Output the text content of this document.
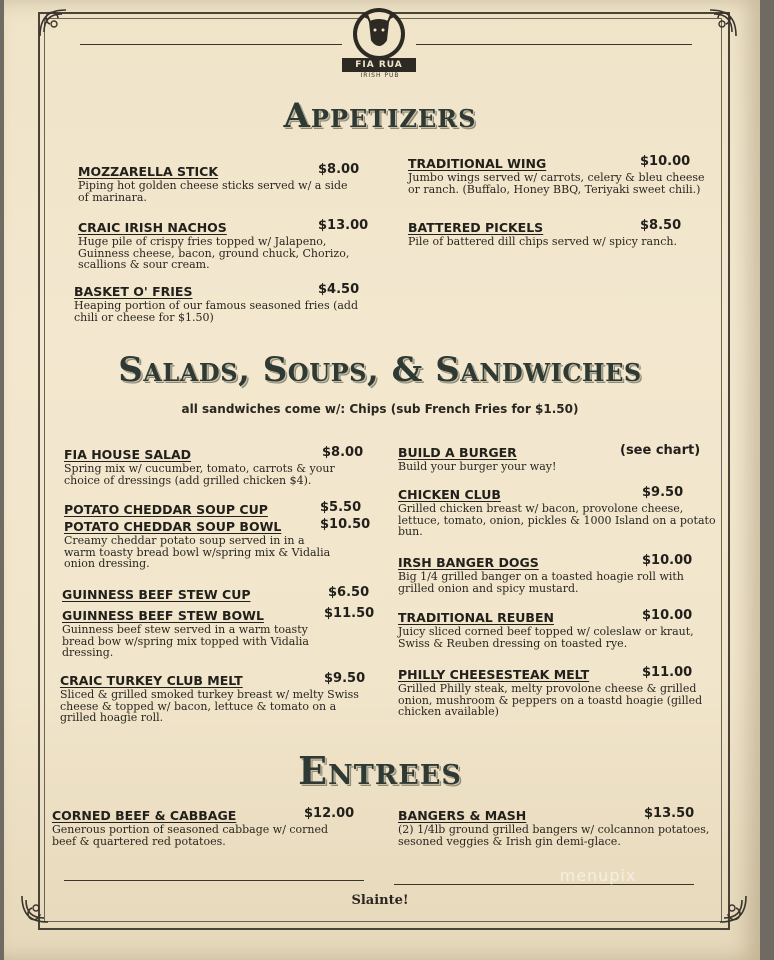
FIA RUA
IRISH PUB
Appetizers
MOZZARELLA STICK	$8.00
Piping hot golden cheese sticks served w/ a side of marinara.
CRAIC IRISH NACHOS	$13.00
Huge pile of crispy fries topped w/ Jalapeno, Guinness cheese, bacon, ground chuck, Chorizo, scallions & sour cream.
BASKET O' FRIES	$4.50
Heaping portion of our famous seasoned fries (add chili or cheese for $1.50)
TRADITIONAL WING	$10.00
Jumbo wings served w/ carrots, celery & bleu cheese or ranch. (Buffalo, Honey BBQ, Teriyaki sweet chili.)
BATTERED PICKELS	$8.50
Pile of battered dill chips served w/ spicy ranch.
Salads, Soups, & Sandwiches
all sandwiches come w/: Chips (sub French Fries for $1.50)
FIA HOUSE SALAD	$8.00
Spring mix w/ cucumber, tomato, carrots & your choice of dressings (add grilled chicken $4).
POTATO CHEDDAR SOUP CUP	$5.50
POTATO CHEDDAR SOUP BOWL	$10.50
Creamy cheddar potato soup served in in a warm toasty bread bowl w/spring mix & Vidalia onion dressing.
GUINNESS BEEF STEW CUP	$6.50
GUINNESS BEEF STEW BOWL	$11.50
Guinness beef stew served in a warm toasty bread bow w/spring mix topped with Vidalia dressing.
CRAIC TURKEY CLUB MELT	$9.50
Sliced & grilled smoked turkey breast w/ melty Swiss cheese & topped w/ bacon, lettuce & tomato on a grilled hoagie roll.
BUILD A BURGER	(see chart)
Build your burger your way!
CHICKEN CLUB	$9.50
Grilled chicken breast w/ bacon, provolone cheese, lettuce, tomato, onion, pickles & 1000 Island on a potato bun.
IRSH BANGER DOGS	$10.00
Big 1/4 grilled banger on a toasted hoagie roll with grilled onion and spicy mustard.
TRADITIONAL REUBEN	$10.00
Juicy sliced corned beef topped w/ coleslaw or kraut, Swiss & Reuben dressing on toasted rye.
PHILLY CHEESESTEAK MELT	$11.00
Grilled Philly steak, melty provolone cheese & grilled onion, mushroom & peppers on a toastd hoagie (gilled chicken available)
Entrees
CORNED BEEF & CABBAGE	$12.00
Generous portion of seasoned cabbage w/ corned beef & quartered red potatoes.
BANGERS & MASH	$13.50
(2) 1/4lb ground grilled bangers w/ colcannon potatoes, sesoned veggies & Irish gin demi-glace.
Slainte!
menupix
